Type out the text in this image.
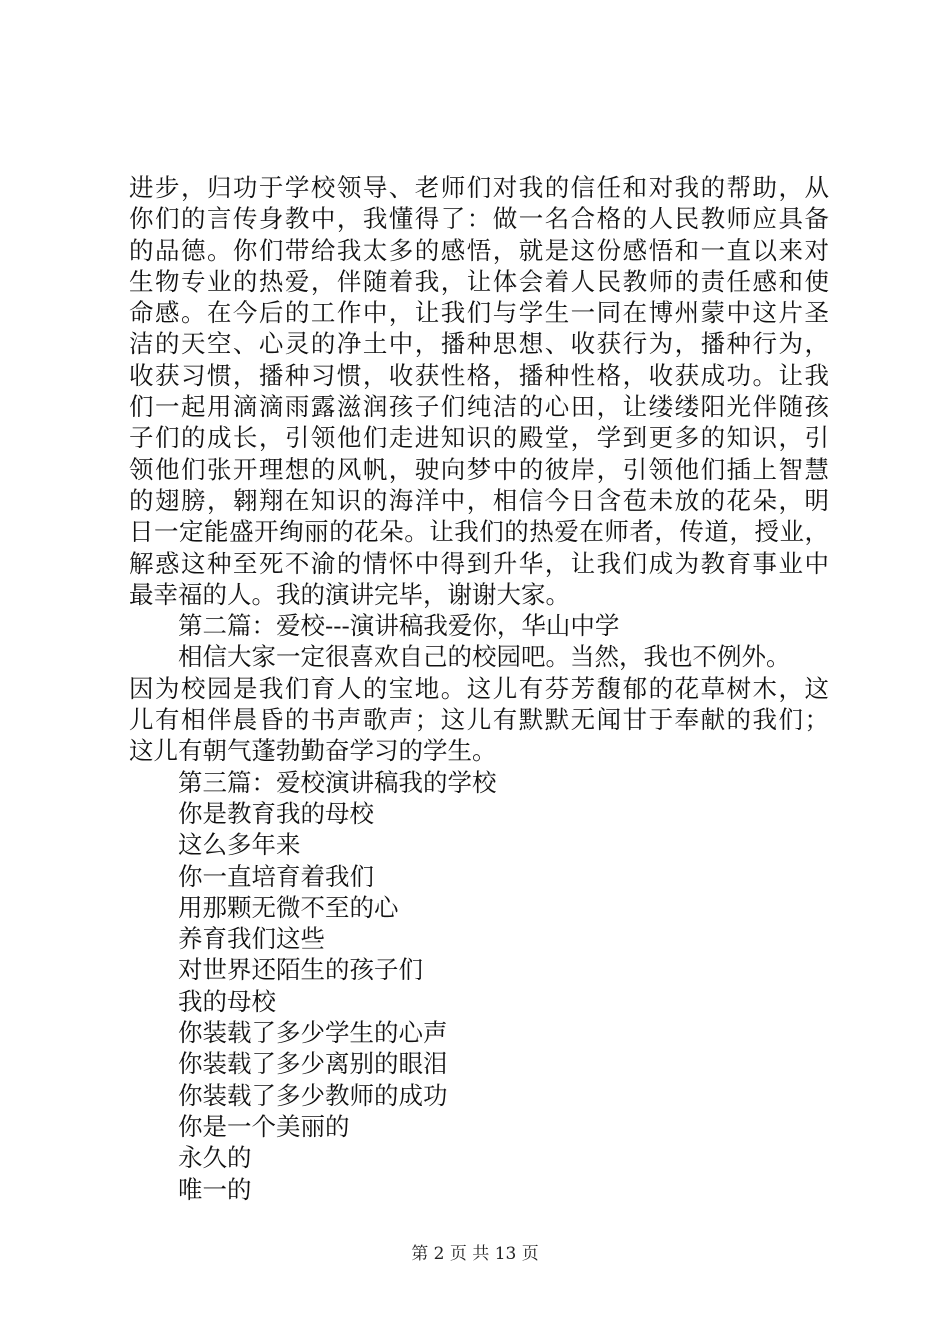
进步，归功于学校领导、老师们对我的信任和对我的帮助，从
你们的言传身教中，我懂得了：做一名合格的人民教师应具备
的品德。你们带给我太多的感悟，就是这份感悟和一直以来对
生物专业的热爱，伴随着我，让体会着人民教师的责任感和使
命感。在今后的工作中，让我们与学生一同在博州蒙中这片圣
洁的天空、心灵的净土中，播种思想、收获行为，播种行为，
收获习惯，播种习惯，收获性格，播种性格，收获成功。让我
们一起用滴滴雨露滋润孩子们纯洁的心田，让缕缕阳光伴随孩
子们的成长，引领他们走进知识的殿堂，学到更多的知识，引
领他们张开理想的风帆，驶向梦中的彼岸，引领他们插上智慧
的翅膀，翱翔在知识的海洋中，相信今日含苞未放的花朵，明
日一定能盛开绚丽的花朵。让我们的热爱在师者，传道，授业，
解惑这种至死不渝的情怀中得到升华，让我们成为教育事业中
最幸福的人。我的演讲完毕，谢谢大家。
第二篇：爱校---演讲稿我爱你，华山中学
相信大家一定很喜欢自己的校园吧。当然，我也不例外。
因为校园是我们育人的宝地。这儿有芬芳馥郁的花草树木，这
儿有相伴晨昏的书声歌声；这儿有默默无闻甘于奉献的我们；
这儿有朝气蓬勃勤奋学习的学生。
第三篇：爱校演讲稿我的学校
你是教育我的母校
这么多年来
你一直培育着我们
用那颗无微不至的心
养育我们这些
对世界还陌生的孩子们
我的母校
你装载了多少学生的心声
你装载了多少离别的眼泪
你装载了多少教师的成功
你是一个美丽的
永久的
唯一的
第 2 页 共 13 页
